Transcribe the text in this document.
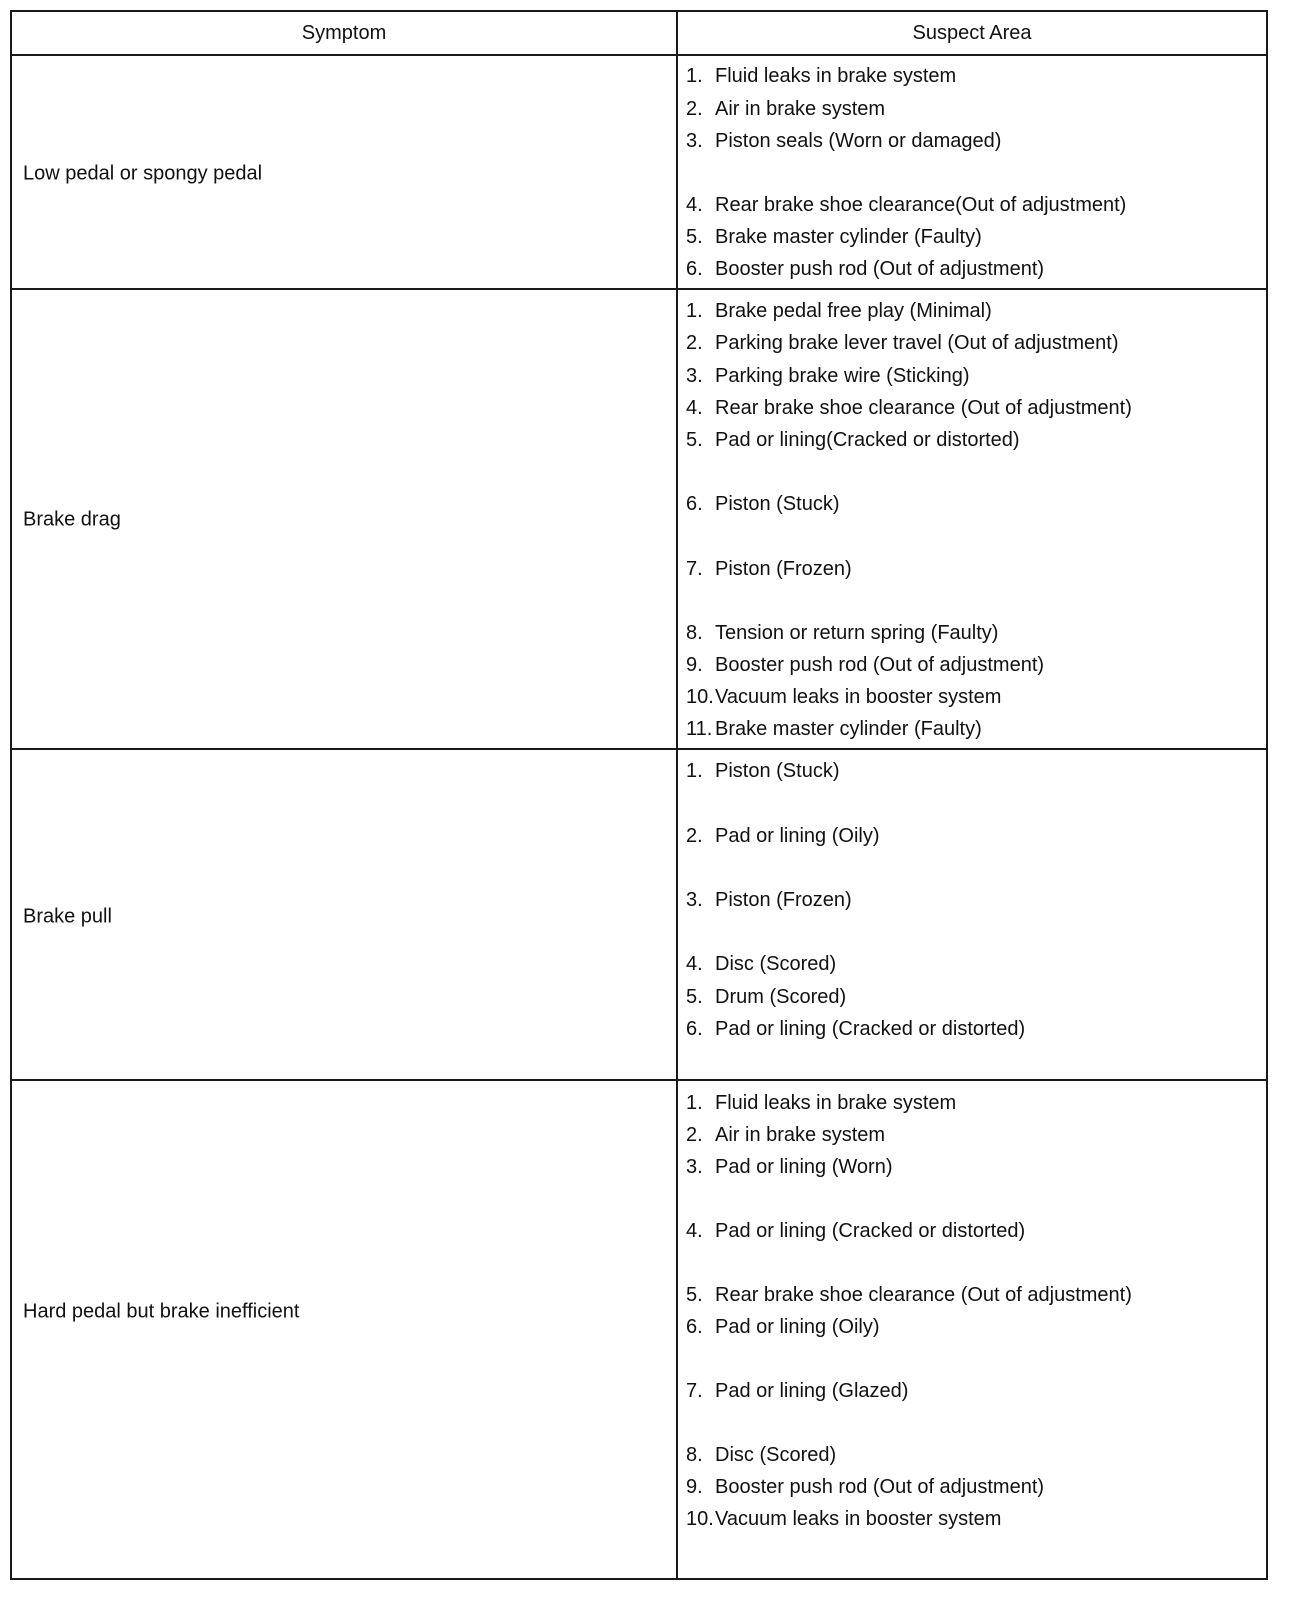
Symptom	Suspect Area
Low pedal or spongy pedal
1. Fluid leaks in brake system
2. Air in brake system
3. Piston seals (Worn or damaged)
4. Rear brake shoe clearance(Out of adjustment)
5. Brake master cylinder (Faulty)
6. Booster push rod (Out of adjustment)
Brake drag
1. Brake pedal free play (Minimal)
2. Parking brake lever travel (Out of adjustment)
3. Parking brake wire (Sticking)
4. Rear brake shoe clearance (Out of adjustment)
5. Pad or lining(Cracked or distorted)
6. Piston (Stuck)
7. Piston (Frozen)
8. Tension or return spring (Faulty)
9. Booster push rod (Out of adjustment)
10.Vacuum leaks in booster system
11. Brake master cylinder (Faulty)
Brake pull
1. Piston (Stuck)
2. Pad or lining (Oily)
3. Piston (Frozen)
4. Disc (Scored)
5. Drum (Scored)
6. Pad or lining (Cracked or distorted)
Hard pedal but brake inefficient
1. Fluid leaks in brake system
2. Air in brake system
3. Pad or lining (Worn)
4. Pad or lining (Cracked or distorted)
5. Rear brake shoe clearance (Out of adjustment)
6. Pad or lining (Oily)
7. Pad or lining (Glazed)
8. Disc (Scored)
9. Booster push rod (Out of adjustment)
10.Vacuum leaks in booster system
